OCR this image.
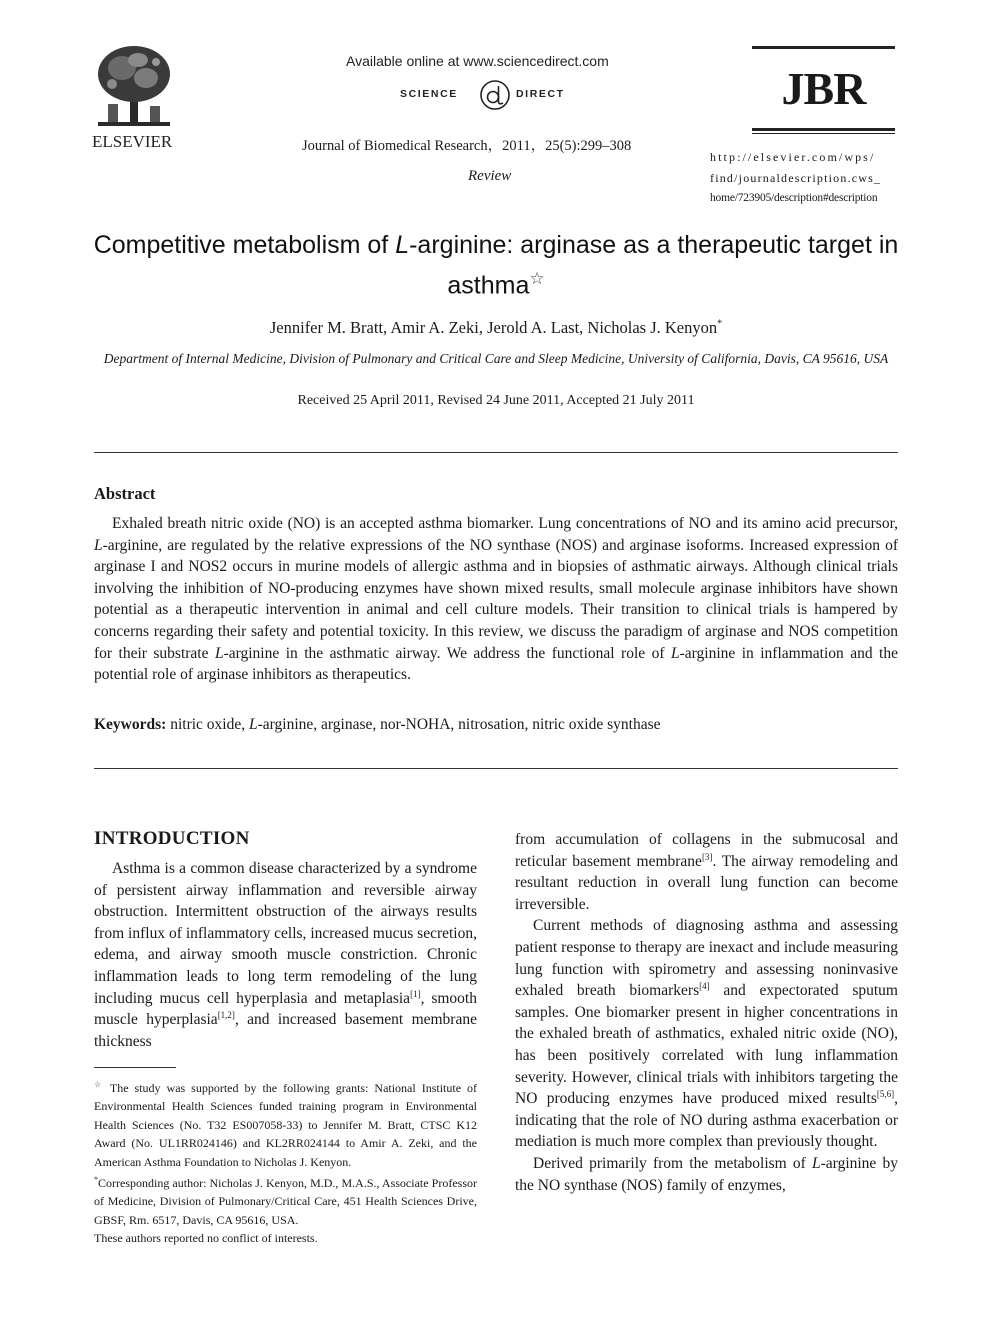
ELSEVIER
Available online at www.sciencedirect.com
SCIENCE	DIRECT
Journal of Biomedical Research，2011，25(5):299–308
Review
JBR
http://elsevier.com/wps/
find/journaldescription.cws_
home/723905/description#description
Competitive metabolism of L-arginine: arginase as a therapeutic target in asthma☆
Jennifer M. Bratt, Amir A. Zeki, Jerold A. Last, Nicholas J. Kenyon*
Department of Internal Medicine, Division of Pulmonary and Critical Care and Sleep Medicine, University of California, Davis, CA 95616, USA
Received 25 April 2011, Revised 24 June 2011, Accepted 21 July 2011
Abstract

Exhaled breath nitric oxide (NO) is an accepted asthma biomarker. Lung concentrations of NO and its amino acid precursor, L-arginine, are regulated by the relative expressions of the NO synthase (NOS) and arginase isoforms. Increased expression of arginase I and NOS2 occurs in murine models of allergic asthma and in biopsies of asthmatic airways. Although clinical trials involving the inhibition of NO-producing enzymes have shown mixed results, small molecule arginase inhibitors have shown potential as a therapeutic intervention in animal and cell culture models. Their transition to clinical trials is hampered by concerns regarding their safety and potential toxicity. In this review, we discuss the paradigm of arginase and NOS competition for their substrate L-arginine in the asthmatic airway. We address the functional role of L-arginine in inflammation and the potential role of arginase inhibitors as therapeutics.

Keywords: nitric oxide, L-arginine, arginase, nor-NOHA, nitrosation, nitric oxide synthase
INTRODUCTION

Asthma is a common disease characterized by a syndrome of persistent airway inflammation and reversible airway obstruction. Intermittent obstruction of the airways results from influx of inflammatory cells, increased mucus secretion, edema, and airway smooth muscle constriction. Chronic inflammation leads to long term remodeling of the lung including mucus cell hyperplasia and metaplasia[1], smooth muscle hyperplasia[1,2], and increased basement membrane thickness

from accumulation of collagens in the submucosal and reticular basement membrane[3]. The airway remodeling and resultant reduction in overall lung function can become irreversible.

Current methods of diagnosing asthma and assessing patient response to therapy are inexact and include measuring lung function with spirometry and assessing noninvasive exhaled breath biomarkers[4] and expectorated sputum samples. One biomarker present in higher concentrations in the exhaled breath of asthmatics, exhaled nitric oxide (NO), has been positively correlated with lung inflammation severity. However, clinical trials with inhibitors targeting the NO producing enzymes have produced mixed results[5,6], indicating that the role of NO during asthma exacerbation or mediation is much more complex than previously thought.

Derived primarily from the metabolism of L-arginine by the NO synthase (NOS) family of enzymes,

☆ The study was supported by the following grants: National Institute of Environmental Health Sciences funded training program in Environmental Health Sciences (No. T32 ES007058-33) to Jennifer M. Bratt, CTSC K12 Award (No. UL1RR024146) and KL2RR024144 to Amir A. Zeki, and the American Asthma Foundation to Nicholas J. Kenyon.

*Corresponding author: Nicholas J. Kenyon, M.D., M.A.S., Associate Professor of Medicine, Division of Pulmonary/Critical Care, 451 Health Sciences Drive, GBSF, Rm. 6517, Davis, CA 95616, USA.

These authors reported no conflict of interests.
